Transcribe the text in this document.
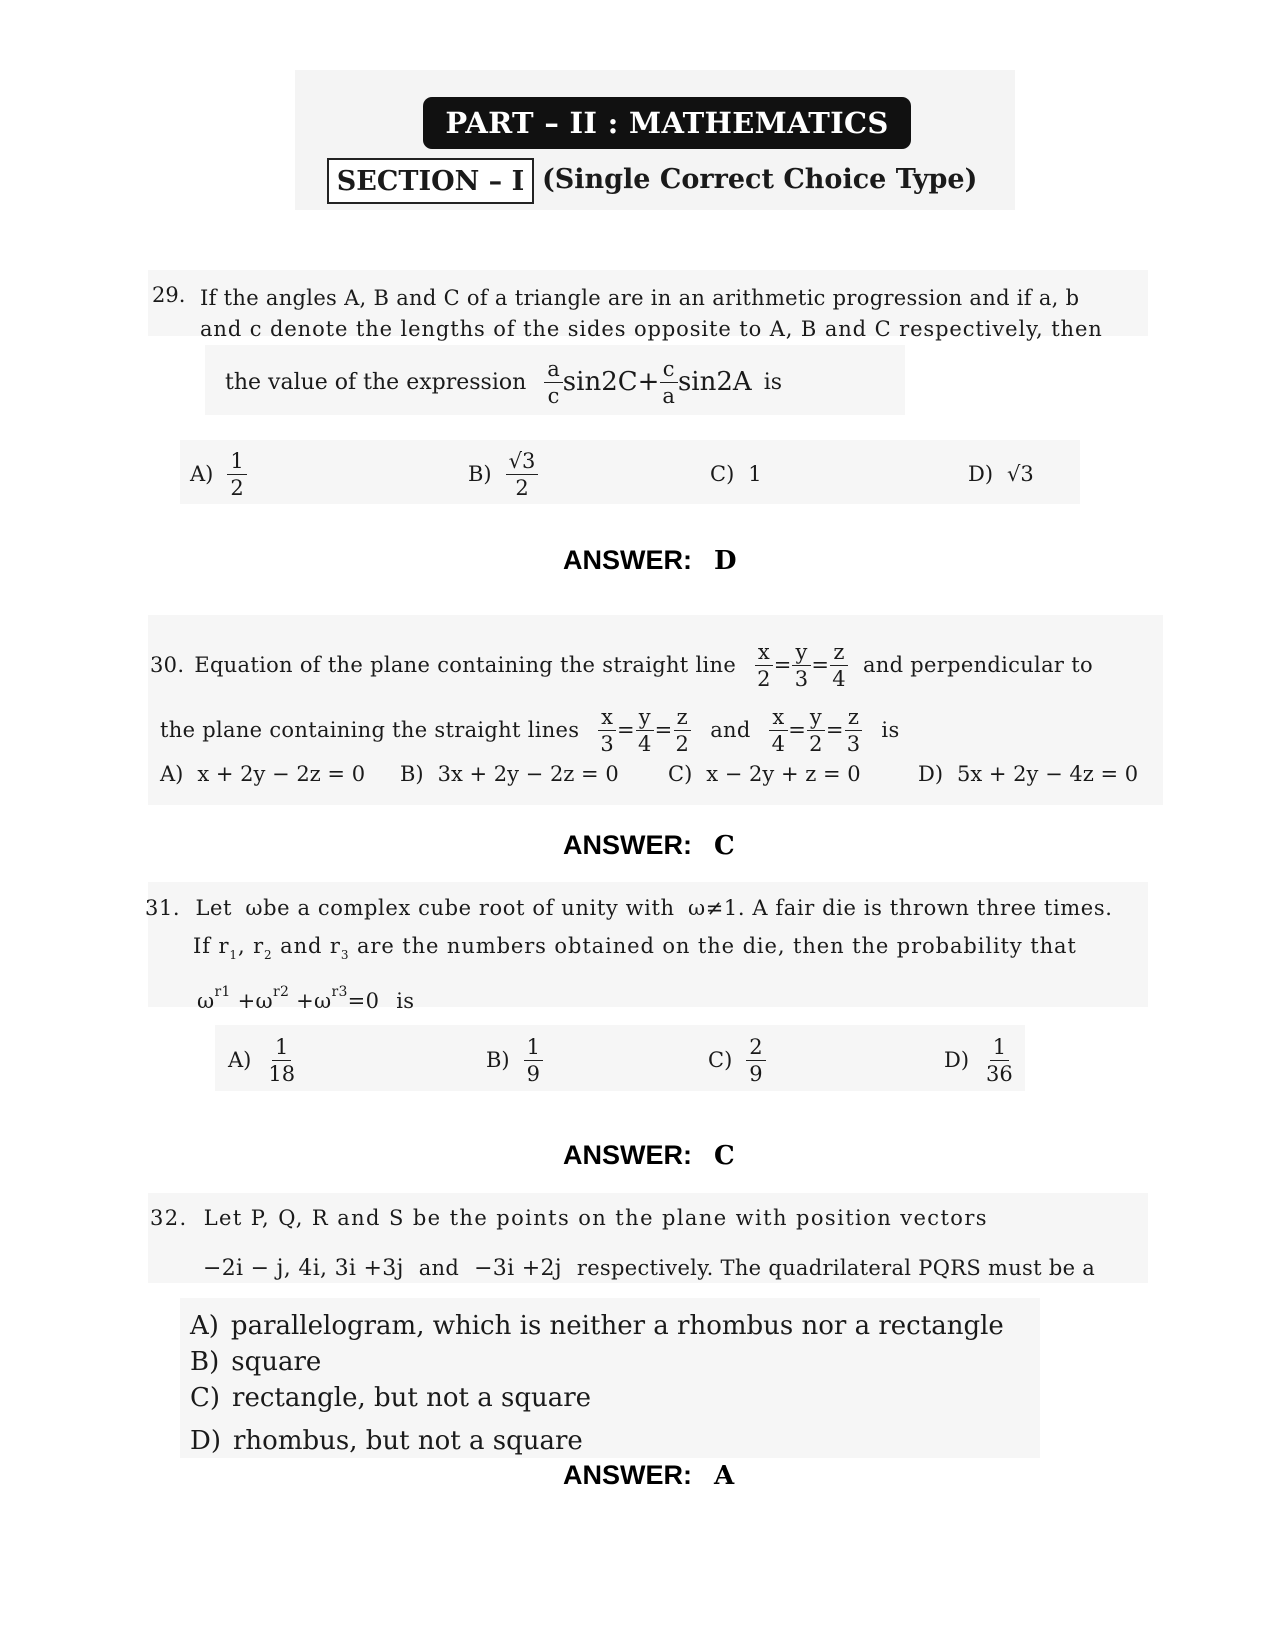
PART – II : MATHEMATICS
SECTION – I (Single Correct Choice Type)
29. If the angles A, B and C of a triangle are in an arithmetic progression and if a, b
and c denote the lengths of the sides opposite to A, B and C respectively, then
the value of the expression $\frac{a}{c} \sin 2C+ \frac{c}{a} \sin 2A$ is
$A) \frac{1}{2}$	$B) \frac{√3}{2}$	C) 1	D) √3
ANSWER: D
30. Equation of the plane containing the straight line $\frac{x}{2} = \frac{y}{3} = \frac{z}{4}$ and perpendicular to
the plane containing the straight lines $\frac{x}{3} = \frac{y}{4} = \frac{z}{2}$ and $\frac{x}{4} = \frac{y}{2} = \frac{z}{3}$ is
A) x + 2y − 2z = 0 B) 3x + 2y − 2z = 0 C) x − 2y + z = 0	D) 5x + 2y − 4z = 0
ANSWER: C
31. Let ωbe a complex cube root of unity with ω≠1. A fair die is thrown three times.
If $r_1$, $r_2$ and $r_3$ are the numbers obtained on the die, then the probability that
$\omega^{r1} +\omega^{r2} +\omega^{r3}=0$ is
$A) \frac{1}{18}$	$B) \frac{1}{9}$	$C) \frac{2}{9}$	$D) \frac{1}{36}$
ANSWER: C
32. Let P, Q, R and S be the points on the plane with position vectors
−2i − j, 4i, 3i +3j and −3i +2j respectively. The quadrilateral PQRS must be a
A) parallelogram, which is neither a rhombus nor a rectangle
B) square
C) rectangle, but not a square
D) rhombus, but not a square
ANSWER: A
